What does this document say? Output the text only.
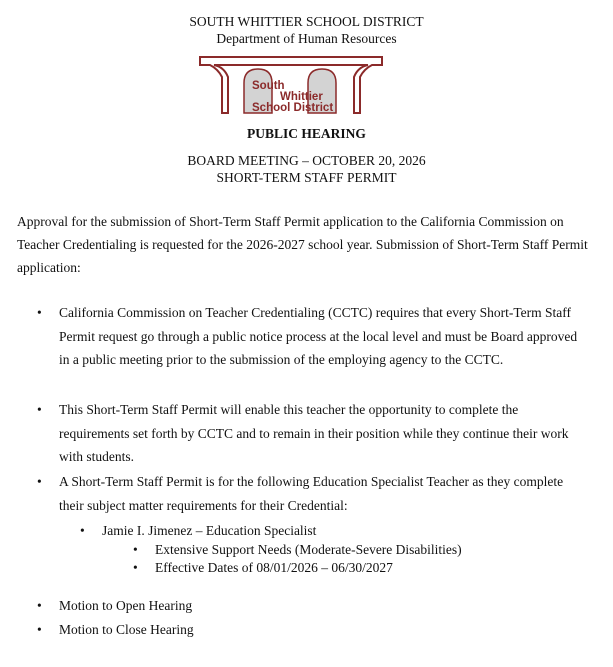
SOUTH WHITTIER SCHOOL DISTRICT
Department of Human Resources
South
Whittier
School District
PUBLIC HEARING
BOARD MEETING – OCTOBER 20, 2026
SHORT-TERM STAFF PERMIT
Approval for the submission of Short-Term Staff Permit application to the California Commission on Teacher Credentialing is requested for the 2026-2027 school year. Submission of Short-Term Staff Permit application:
• California Commission on Teacher Credentialing (CCTC) requires that every Short-Term Staff Permit request go through a public notice process at the local level and must be Board approved in a public meeting prior to the submission of the employing agency to the CCTC.
• This Short-Term Staff Permit will enable this teacher the opportunity to complete the requirements set forth by CCTC and to remain in their position while they continue their work with students.
• A Short-Term Staff Permit is for the following Education Specialist Teacher as they complete their subject matter requirements for their Credential:
• Jamie I. Jimenez – Education Specialist
• Extensive Support Needs (Moderate-Severe Disabilities)
• Effective Dates of 08/01/2026 – 06/30/2027
• Motion to Open Hearing
• Motion to Close Hearing
